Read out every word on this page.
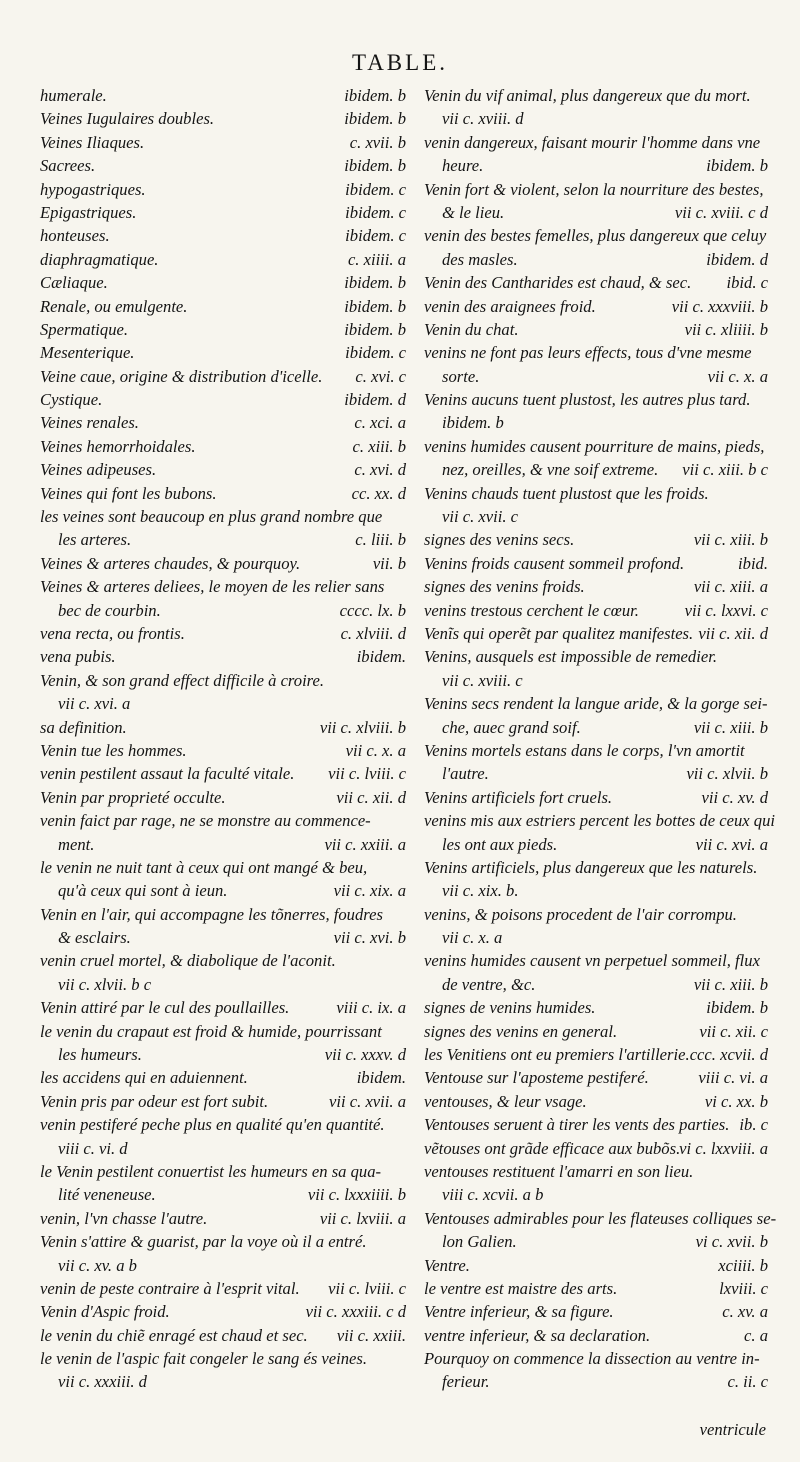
TABLE.
humerale.	ibidem. b
Veines Iugulaires doubles.	ibidem. b
Veines Iliaques.	c. xvii. b
Sacrees.	ibidem. b
hypogastriques.	ibidem. c
Epigastriques.	ibidem. c
honteuses.	ibidem. c
diaphragmatique.	c. xiiii. a
Cæliaque.	ibidem. b
Renale, ou emulgente.	ibidem. b
Spermatique.	ibidem. b
Mesenterique.	ibidem. c
Veine caue, origine & distribution d'icelle. c. xvi. c
Cystique.	ibidem. d
Veines renales.	c. xci. a
Veines hemorrhoidales.	c. xiii. b
Veines adipeuses.	c. xvi. d
Veines qui font les bubons.	cc. xx. d
les veines sont beaucoup en plus grand nombre que
les arteres.	c. liii. b
Veines & arteres chaudes, & pourquoy.	vii. b
Veines & arteres deliees, le moyen de les relier sans
bec de courbin.	cccc. lx. b
vena recta, ou frontis.	c. xlviii. d
vena pubis.	ibidem.
Venin, & son grand effect difficile à croire.
vii c. xvi. a
sa definition.	vii c. xlviii. b
Venin tue les hommes.	vii c. x. a
venin pestilent assaut la faculté vitale. vii c. lviii. c
Venin par proprieté occulte.	vii c. xii. d
venin faict par rage, ne se monstre au commence-
ment.	vii c. xxiii. a
le venin ne nuit tant à ceux qui ont mangé & beu,
qu'à ceux qui sont à ieun.	vii c. xix. a
Venin en l'air, qui accompagne les tõnerres, foudres
& esclairs.	vii c. xvi. b
venin cruel mortel, & diabolique de l'aconit.
vii c. xlvii. b c
Venin attiré par le cul des poullailles.	viii c. ix. a
le venin du crapaut est froid & humide, pourrissant
les humeurs.	vii c. xxxv. d
les accidens qui en aduiennent.	ibidem.
Venin pris par odeur est fort subit.	vii c. xvii. a
venin pestiferé peche plus en qualité qu'en quantité.
viii c. vi. d
le Venin pestilent conuertist les humeurs en sa qua-
lité veneneuse.	vii c. lxxxiiii. b
venin, l'vn chasse l'autre.	vii c. lxviii. a
Venin s'attire & guarist, par la voye où il a entré.
vii c. xv. a b
venin de peste contraire à l'esprit vital. vii c. lviii. c
Venin d'Aspic froid.	vii c. xxxiii. c d
le venin du chiẽ enragé est chaud et sec. vii c. xxiii.
le venin de l'aspic fait congeler le sang és veines.
vii c. xxxiii. d
Venin du vif animal, plus dangereux que du mort.
vii c. xviii. d
venin dangereux, faisant mourir l'homme dans vne
heure.	ibidem. b
Venin fort & violent, selon la nourriture des bestes,
& le lieu.	vii c. xviii. c d
venin des bestes femelles, plus dangereux que celuy
des masles.	ibidem. d
Venin des Cantharides est chaud, & sec. ibid. c
venin des araignees froid.	vii c. xxxviii. b
Venin du chat.	vii c. xliiii. b
venins ne font pas leurs effects, tous d'vne mesme
sorte.	vii c. x. a
Venins aucuns tuent plustost, les autres plus tard.
ibidem. b
venins humides causent pourriture de mains, pieds,
nez, oreilles, & vne soif extreme. vii c. xiii. b c
Venins chauds tuent plustost que les froids.
vii c. xvii. c
signes des venins secs.	vii c. xiii. b
Venins froids causent sommeil profond.	ibid.
signes des venins froids.	vii c. xiii. a
venins trestous cerchent le cœur.	vii c. lxxvi. c
Venĩs qui operẽt par qualitez manifestes. vii c. xii. d
Venins, ausquels est impossible de remedier.
vii c. xviii. c
Venins secs rendent la langue aride, & la gorge sei-
che, auec grand soif.	vii c. xiii. b
Venins mortels estans dans le corps, l'vn amortit
l'autre.	vii c. xlvii. b
Venins artificiels fort cruels.	vii c. xv. d
venins mis aux estriers percent les bottes de ceux qui
les ont aux pieds.	vii c. xvi. a
Venins artificiels, plus dangereux que les naturels.
vii c. xix. b.
venins, & poisons procedent de l'air corrompu.
vii c. x. a
venins humides causent vn perpetuel sommeil, flux
de ventre, &c.	vii c. xiii. b
signes de venins humides.	ibidem. b
signes des venins en general.	vii c. xii. c
les Venitiens ont eu premiers l'artillerie. ccc. xcvii. d
Ventouse sur l'aposteme pestiferé.	viii c. vi. a
ventouses, & leur vsage.	vi c. xx. b
Ventouses seruent à tirer les vents des parties. ib. c
vẽtouses ont grãde efficace aux bubõs.
vi c. lxxviii. a
ventouses restituent l'amarri en son lieu.
viii c. xcvii. a b
Ventouses admirables pour les flateuses colliques se-
lon Galien.	vi c. xvii. b
Ventre.	xciiii. b
le ventre est maistre des arts.	lxviii. c
Ventre inferieur, & sa figure.	c. xv. a
ventre inferieur, & sa declaration.	c. a
Pourquoy on commence la dissection au ventre in-
ferieur.	c. ii. c
ventricule
